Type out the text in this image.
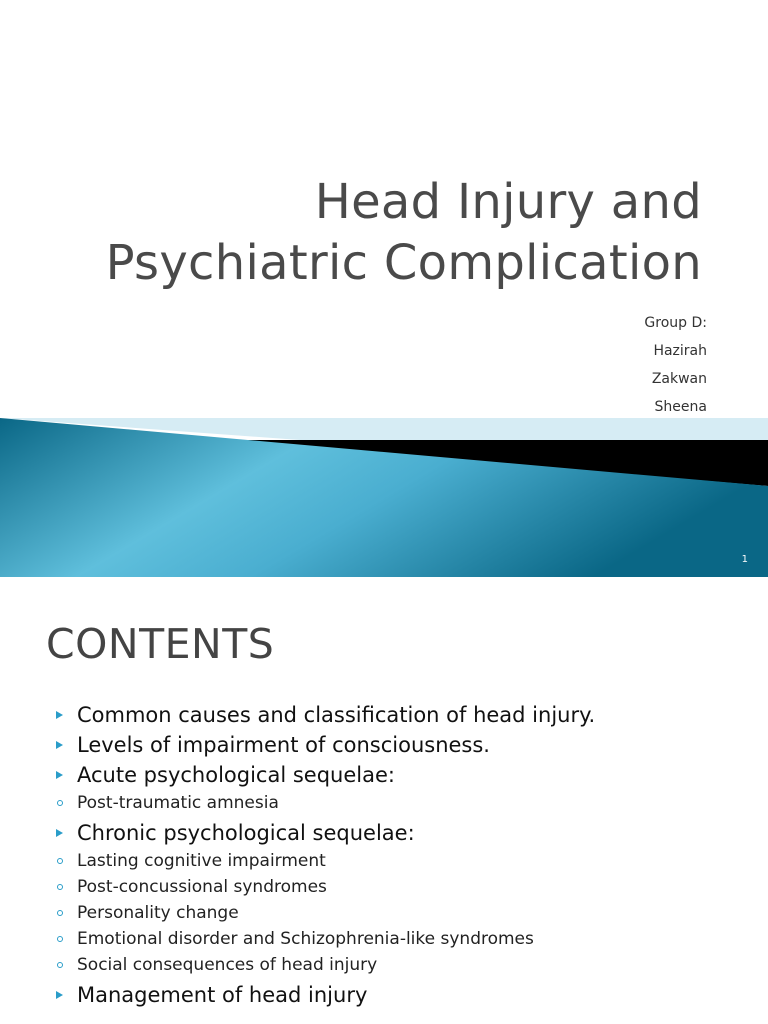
Head Injury and
Psychiatric Complication

Group D:

Hazirah

Zakwan

Sheena

1
CONTENTS
Common causes and classification of head injury.
Levels of impairment of consciousness.
Acute psychological sequelae:
Post-traumatic amnesia
Chronic psychological sequelae:
Lasting cognitive impairment
Post-concussional syndromes
Personality change
Emotional disorder and Schizophrenia-like syndromes
Social consequences of head injury
Management of head injury
